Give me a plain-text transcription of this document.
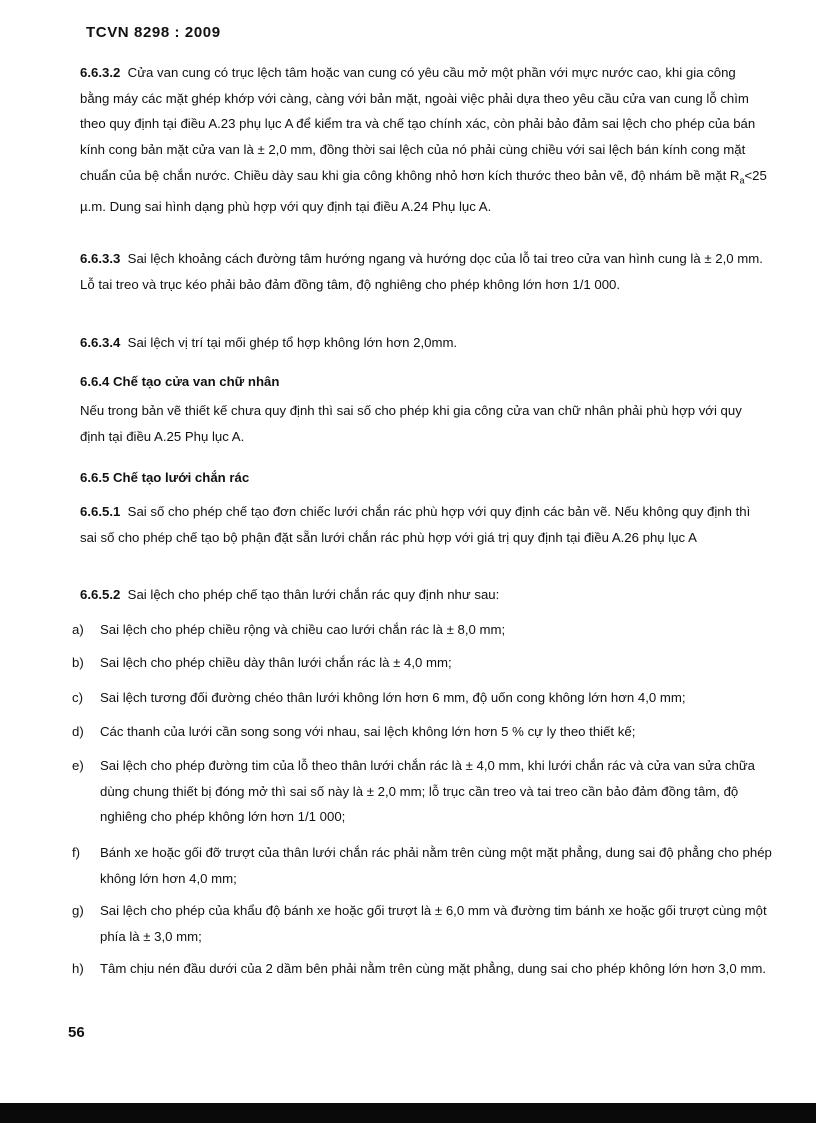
TCVN 8298 : 2009

6.6.3.2 Cửa van cung có trục lệch tâm hoặc van cung có yêu cầu mở một phần với mực nước cao, khi gia công bằng máy các mặt ghép khớp với càng, càng với bản mặt, ngoài việc phải dựa theo yêu cầu cửa van cung lỗ chìm theo quy định tại điều A.23 phụ lục A để kiểm tra và chế tạo chính xác, còn phải bảo đảm sai lệch cho phép của bán kính cong bản mặt cửa van là ± 2,0 mm, đồng thời sai lệch của nó phải cùng chiều với sai lệch bán kính cong mặt chuẩn của bệ chắn nước. Chiều dày sau khi gia công không nhỏ hơn kích thước theo bản vẽ, độ nhám bề mặt $R_a<25$ µ.m. Dung sai hình dạng phù hợp với quy định tại điều A.24 Phụ lục A.

6.6.3.3 Sai lệch khoảng cách đường tâm hướng ngang và hướng dọc của lỗ tai treo cửa van hình cung là ± 2,0 mm. Lỗ tai treo và trục kéo phải bảo đảm đồng tâm, độ nghiêng cho phép không lớn hơn 1/1 000.

6.6.3.4 Sai lệch vị trí tại mối ghép tổ hợp không lớn hơn 2,0mm.

6.6.4 Chế tạo cửa van chữ nhân

Nếu trong bản vẽ thiết kế chưa quy định thì sai số cho phép khi gia công cửa van chữ nhân phải phù hợp với quy định tại điều A.25 Phụ lục A.

6.6.5 Chế tạo lưới chắn rác

6.6.5.1 Sai số cho phép chế tạo đơn chiếc lưới chắn rác phù hợp với quy định các bản vẽ. Nếu không quy định thì sai số cho phép chế tạo bộ phận đặt sẵn lưới chắn rác phù hợp với giá trị quy định tại điều A.26 phụ lục A

6.6.5.2 Sai lệch cho phép chế tạo thân lưới chắn rác quy định như sau:

a)	Sai lệch cho phép chiều rộng và chiều cao lưới chắn rác là ± 8,0 mm;
b)	Sai lệch cho phép chiều dày thân lưới chắn rác là ± 4,0 mm;
c)	Sai lệch tương đối đường chéo thân lưới không lớn hơn 6 mm, độ uốn cong không lớn hơn 4,0 mm;
d)	Các thanh của lưới cần song song với nhau, sai lệch không lớn hơn 5 % cự ly theo thiết kế;
e)	Sai lệch cho phép đường tim của lỗ theo thân lưới chắn rác là ± 4,0 mm, khi lưới chắn rác và cửa van sửa chữa dùng chung thiết bị đóng mở thì sai số này là ± 2,0 mm; lỗ trục cần treo và tai treo cần bảo đảm đồng tâm, độ nghiêng cho phép không lớn hơn 1/1 000;
f)	Bánh xe hoặc gối đỡ trượt của thân lưới chắn rác phải nằm trên cùng một mặt phẳng, dung sai độ phẳng cho phép không lớn hơn 4,0 mm;
g)	Sai lệch cho phép của khẩu độ bánh xe hoặc gối trượt là ± 6,0 mm và đường tim bánh xe hoặc gối trượt cùng một phía là ± 3,0 mm;
h)	Tâm chịu nén đầu dưới của 2 dầm bên phải nằm trên cùng mặt phẳng, dung sai cho phép không lớn hơn 3,0 mm.
56
